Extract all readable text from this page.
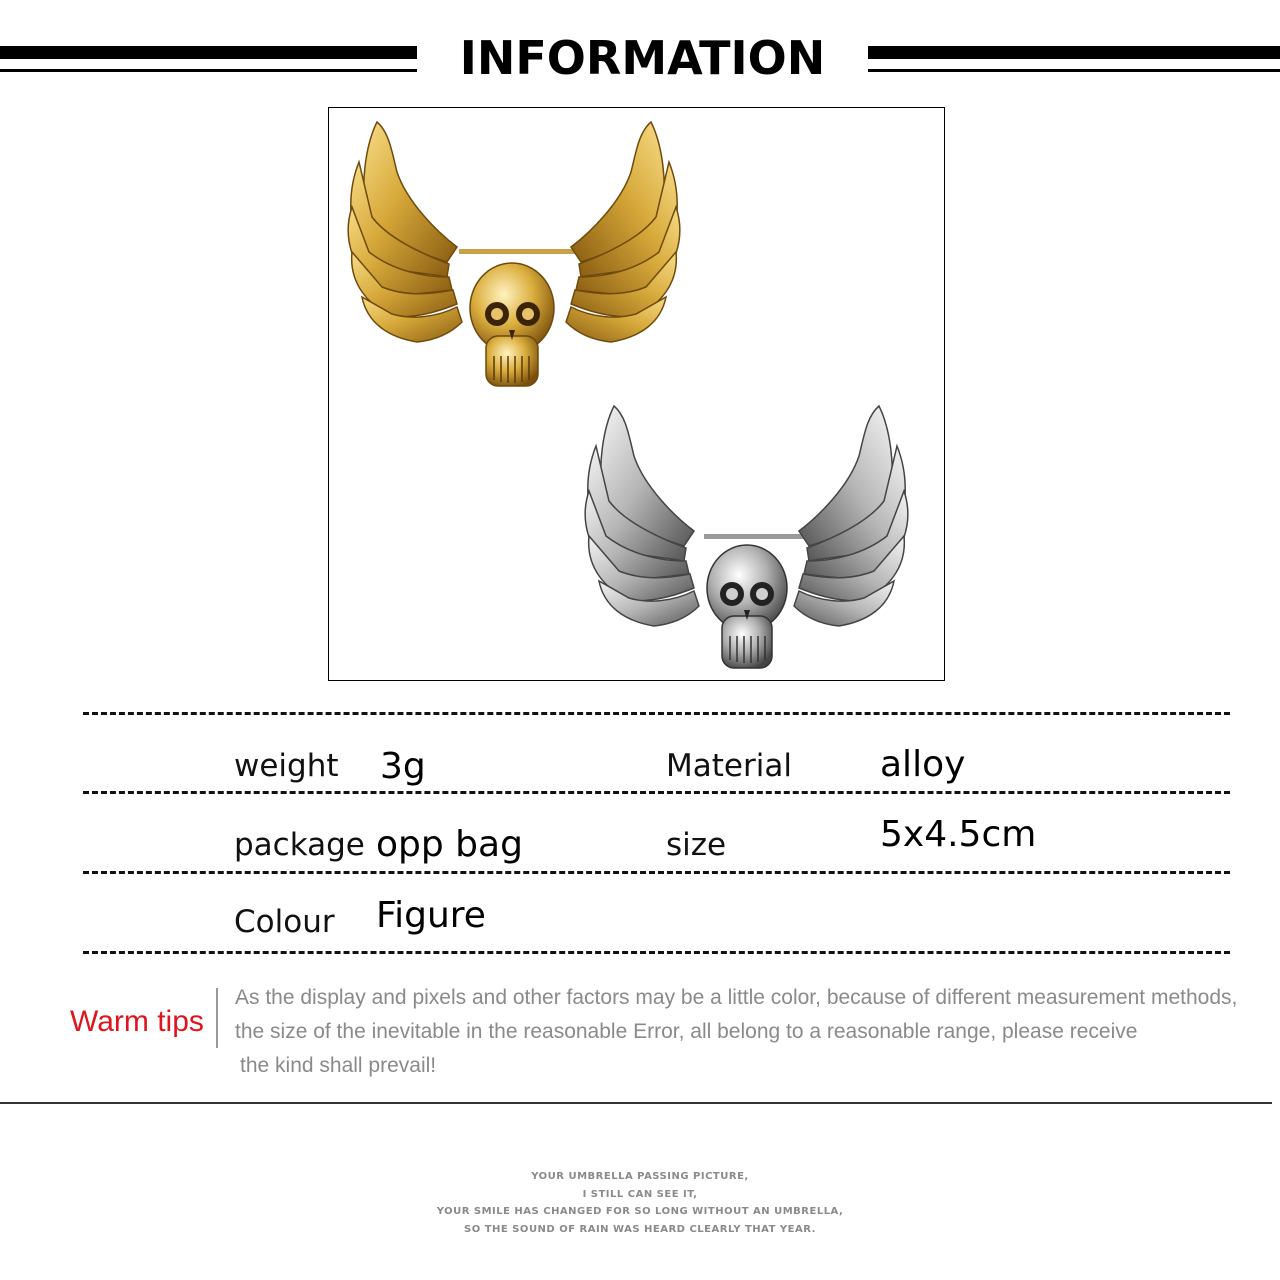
INFORMATION
weight 3g	Material alloy
package opp bag	size	5x4.5cm
Colour Figure
Warm tips
As the display and pixels and other factors may be a little color, because of different measurement methods,
the size of the inevitable in the reasonable Error, all belong to a reasonable range, please receive
the kind shall prevail!
YOUR UMBRELLA PASSING PICTURE,
I STILL CAN SEE IT,
YOUR SMILE HAS CHANGED FOR SO LONG WITHOUT AN UMBRELLA,
SO THE SOUND OF RAIN WAS HEARD CLEARLY THAT YEAR.
